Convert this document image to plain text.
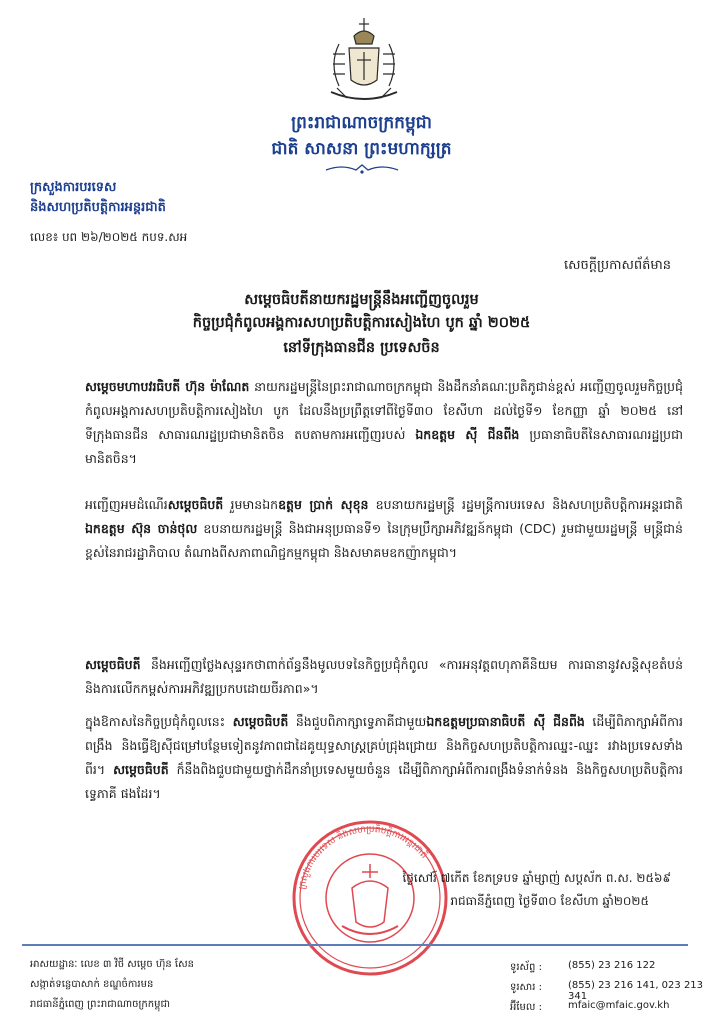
ព្រះរាជាណាចក្រកម្ពុជា
ជាតិ សាសនា ព្រះមហាក្សត្រ
ក្រសួងការបរទេស
និងសហប្រតិបត្តិការអន្តរជាតិ
លេខ៖ បព ២៦/២០២៥ កបទ.សអ
សេចក្តីប្រកាសព័ត៌មាន
សម្តេចធិបតីនាយករដ្ឋមន្ត្រីនឹងអញ្ជើញចូលរួម
កិច្ចប្រជុំកំពូលអង្គការសហប្រតិបត្តិការសៀងហៃ បូក ឆ្នាំ ២០២៥
នៅទីក្រុងធានជីន ប្រទេសចិន
សម្តេចមហាបវរធិបតី ហ៊ុន ម៉ាណែត នាយករដ្ឋមន្ត្រីនៃព្រះរាជាណាចក្រកម្ពុជា និងដឹកនាំគណៈប្រតិភូជាន់ខ្ពស់ អញ្ជើញចូលរួមកិច្ចប្រជុំកំពូលអង្គការសហប្រតិបត្តិការសៀងហៃ បូក ដែលនឹងប្រព្រឹត្តទៅពីថ្ងៃទី៣០ ខែសីហា ដល់ថ្ងៃទី១ ខែកញ្ញា ឆ្នាំ ២០២៥ នៅទីក្រុងធានជីន សាធារណរដ្ឋប្រជាមានិតចិន តបតាមការអញ្ជើញរបស់ ឯកឧត្តម ស៊ី ជីនពីង ប្រធានាធិបតីនៃសាធារណរដ្ឋប្រជាមានិតចិន។
អញ្ជើញអមដំណើរសម្តេចធិបតី រួមមានឯកឧត្តម ប្រាក់ សុខុន ឧបនាយករដ្ឋមន្ត្រី រដ្ឋមន្ត្រីការបរទេស និងសហប្រតិបត្តិការអន្តរជាតិ ឯកឧត្តម ស៊ុន ចាន់ថុល ឧបនាយករដ្ឋមន្ត្រី និងជាអនុប្រធានទី១ នៃក្រុមប្រឹក្សាអភិវឌ្ឍន៍កម្ពុជា (CDC) រួមជាមួយរដ្ឋមន្ត្រី មន្ត្រីជាន់ខ្ពស់នៃរាជរដ្ឋាភិបាល តំណាងពីសភាពាណិជ្ជកម្មកម្ពុជា និងសមាគមឧកញ៉ាកម្ពុជា។
សម្តេចធិបតី នឹងអញ្ជើញថ្លែងសុន្ទរកថាពាក់ព័ន្ធនឹងមូលបទនៃកិច្ចប្រជុំកំពូល «ការអនុវត្តពហុភាគីនិយម ការធានានូវសន្តិសុខតំបន់ និងការលើកកម្ពស់ការអភិវឌ្ឍប្រកបដោយចីរភាព»។
ក្នុងឱកាសនៃកិច្ចប្រជុំកំពូលនេះ សម្តេចធិបតី នឹងជួបពិភាក្សាទ្វេភាគីជាមួយឯកឧត្តមប្រធានាធិបតី ស៊ី ជីនពីង ដើម្បីពិភាក្សាអំពីការពង្រឹង និងធ្វើឱ្យស៊ីជម្រៅបន្ថែមទៀតនូវភាពជាដៃគូយុទ្ធសាស្ត្រគ្រប់ជ្រុងជ្រោយ និងកិច្ចសហប្រតិបត្តិការឈ្នះ-ឈ្នះ រវាងប្រទេសទាំងពីរ។ សម្តេចធិបតី ក៏នឹងពិងជួបជាមួយថ្នាក់ដឹកនាំប្រទេសមួយចំនួន ដើម្បីពិភាក្សាអំពីការពង្រឹងទំនាក់ទំនង និងកិច្ចសហប្រតិបត្តិការទ្វេភាគី ផងដែរ។
ក្រសួងការបរទេស និងសហប្រតិបត្តិការអន្តរជាតិ
ថ្ងៃសៅរ៍ ៧កើត ខែភទ្របទ ឆ្នាំម្សាញ់ សប្តស័ក ព.ស. ២៥៦៩
រាជធានីភ្នំពេញ ថ្ងៃទី៣០ ខែសីហា ឆ្នាំ២០២៥
អាសយដ្ឋានៈ លេខ ៣ វិថី សម្តេច ហ៊ុន សែន
សង្កាត់ទន្លេបាសាក់ ខណ្ឌចំការមន
រាជធានីភ្នំពេញ ព្រះរាជាណាចក្រកម្ពុជា
ទូរស័ព្ទ :	(855) 23 216 122
ទូរសារ :	(855) 23 216 141, 023 213 341
អ៊ីមែល :	mfaic@mfaic.gov.kh
